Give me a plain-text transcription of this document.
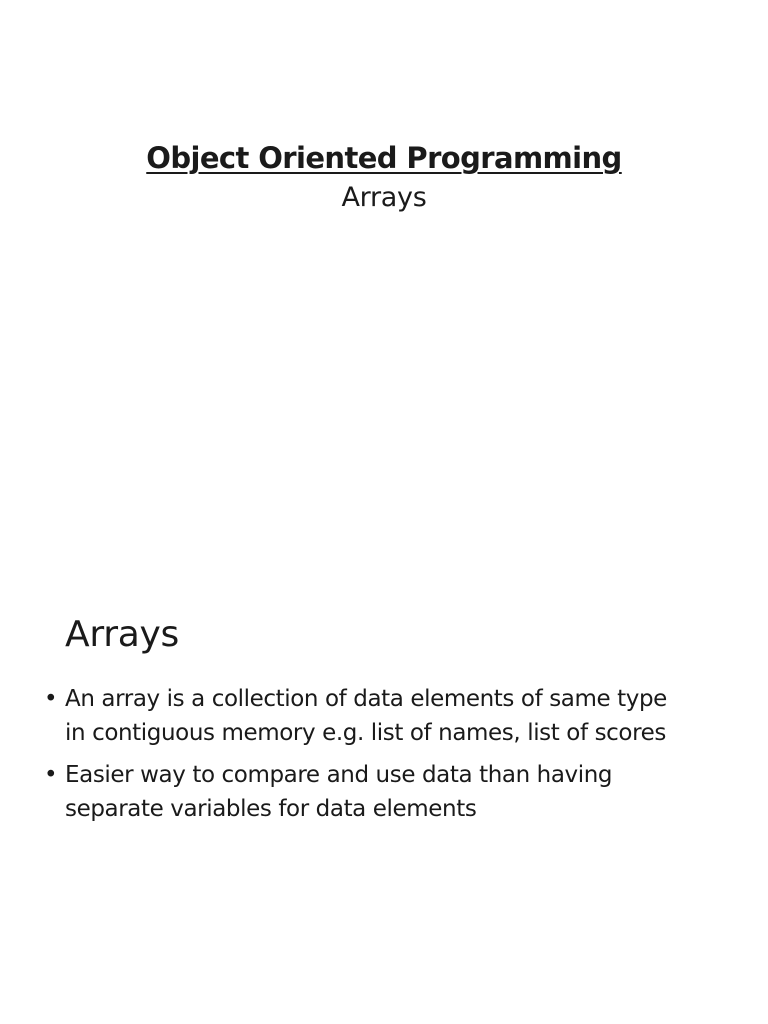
Object Oriented Programming
Arrays
Arrays
• An array is a collection of data elements of same type
in contiguous memory e.g. list of names, list of scores
• Easier way to compare and use data than having
separate variables for data elements
